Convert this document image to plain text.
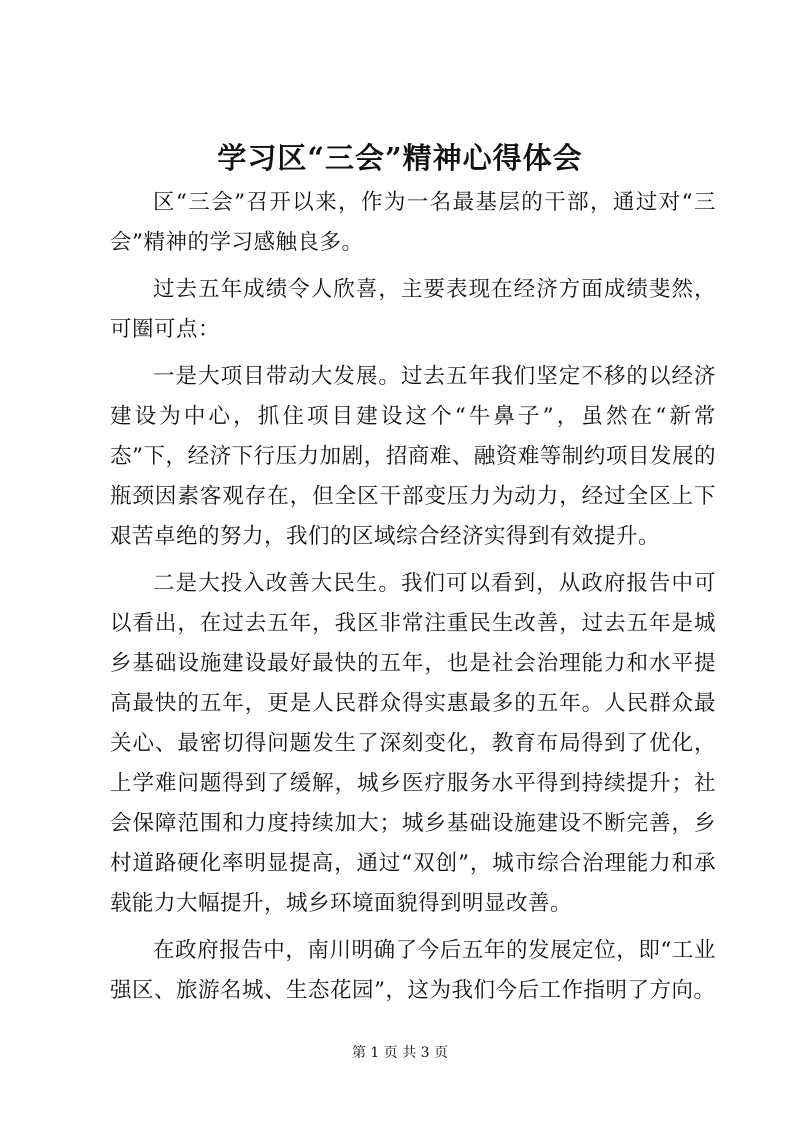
学习区“三会”精神心得体会

区“三会”召开以来，作为一名最基层的干部，通过对“三会”精神的学习感触良多。

过去五年成绩令人欣喜，主要表现在经济方面成绩斐然，可圈可点：

一是大项目带动大发展。过去五年我们坚定不移的以经济建设为中心，抓住项目建设这个“牛鼻子”，虽然在“新常态”下，经济下行压力加剧，招商难、融资难等制约项目发展的瓶颈因素客观存在，但全区干部变压力为动力，经过全区上下艰苦卓绝的努力，我们的区域综合经济实得到有效提升。

二是大投入改善大民生。我们可以看到，从政府报告中可以看出，在过去五年，我区非常注重民生改善，过去五年是城乡基础设施建设最好最快的五年，也是社会治理能力和水平提高最快的五年，更是人民群众得实惠最多的五年。人民群众最关心、最密切得问题发生了深刻变化，教育布局得到了优化，上学难问题得到了缓解，城乡医疗服务水平得到持续提升；社会保障范围和力度持续加大；城乡基础设施建设不断完善，乡村道路硬化率明显提高，通过“双创”，城市综合治理能力和承载能力大幅提升，城乡环境面貌得到明显改善。

在政府报告中，南川明确了今后五年的发展定位，即“工业强区、旅游名城、生态花园”，这为我们今后工作指明了方向。

第 1 页 共 3 页
